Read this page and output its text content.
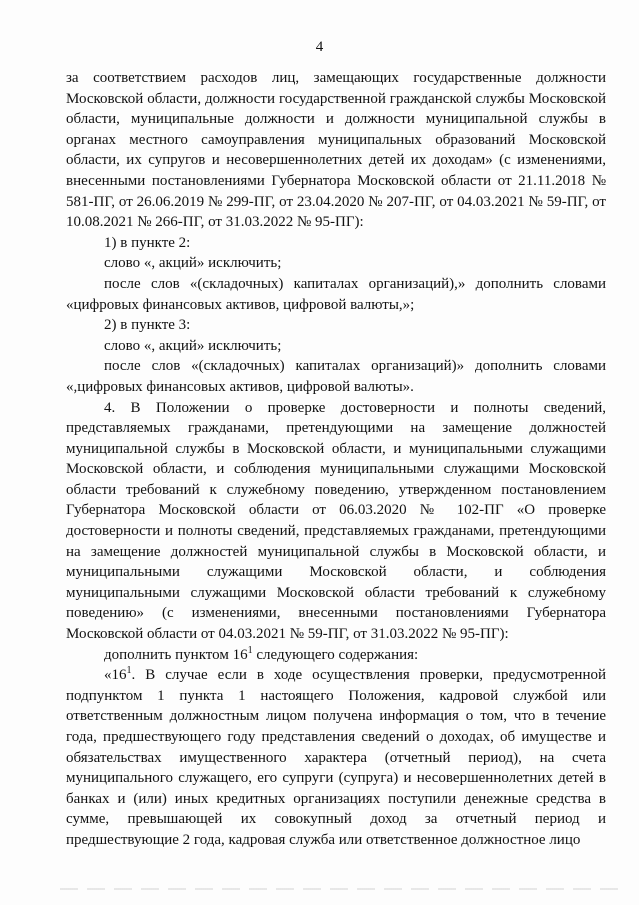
4

за соответствием расходов лиц, замещающих государственные должности Московской области, должности государственной гражданской службы Московской области, муниципальные должности и должности муниципальной службы в органах местного самоуправления муниципальных образований Московской области, их супругов и несовершеннолетних детей их доходам» (с изменениями, внесенными постановлениями Губернатора Московской области от 21.11.2018 № 581-ПГ, от 26.06.2019 № 299-ПГ, от 23.04.2020 № 207-ПГ, от 04.03.2021 № 59-ПГ, от 10.08.2021 № 266-ПГ, от 31.03.2022 № 95-ПГ):

1) в пункте 2:

слово «, акций» исключить;

после слов «(складочных) капиталах организаций),» дополнить словами «цифровых финансовых активов, цифровой валюты,»;

2) в пункте 3:

слово «, акций» исключить;

после слов «(складочных) капиталах организаций)» дополнить словами «,цифровых финансовых активов, цифровой валюты».

4. В Положении о проверке достоверности и полноты сведений, представляемых гражданами, претендующими на замещение должностей муниципальной службы в Московской области, и муниципальными служащими Московской области, и соблюдения муниципальными служащими Московской области требований к служебному поведению, утвержденном постановлением Губернатора Московской области от 06.03.2020 № 102-ПГ «О проверке достоверности и полноты сведений, представляемых гражданами, претендующими на замещение должностей муниципальной службы в Московской области, и муниципальными служащими Московской области, и соблюдения муниципальными служащими Московской области требований к служебному поведению» (с изменениями, внесенными постановлениями Губернатора Московской области от 04.03.2021 № 59-ПГ, от 31.03.2022 № 95-ПГ):

дополнить пунктом $16^1$ следующего содержания:

«$16^1$. В случае если в ходе осуществления проверки, предусмотренной подпунктом 1 пункта 1 настоящего Положения, кадровой службой или ответственным должностным лицом получена информация о том, что в течение года, предшествующего году представления сведений о доходах, об имуществе и обязательствах имущественного характера (отчетный период), на счета муниципального служащего, его супруги (супруга) и несовершеннолетних детей в банках и (или) иных кредитных организациях поступили денежные средства в сумме, превышающей их совокупный доход за отчетный период и предшествующие 2 года, кадровая служба или ответственное должностное лицо
